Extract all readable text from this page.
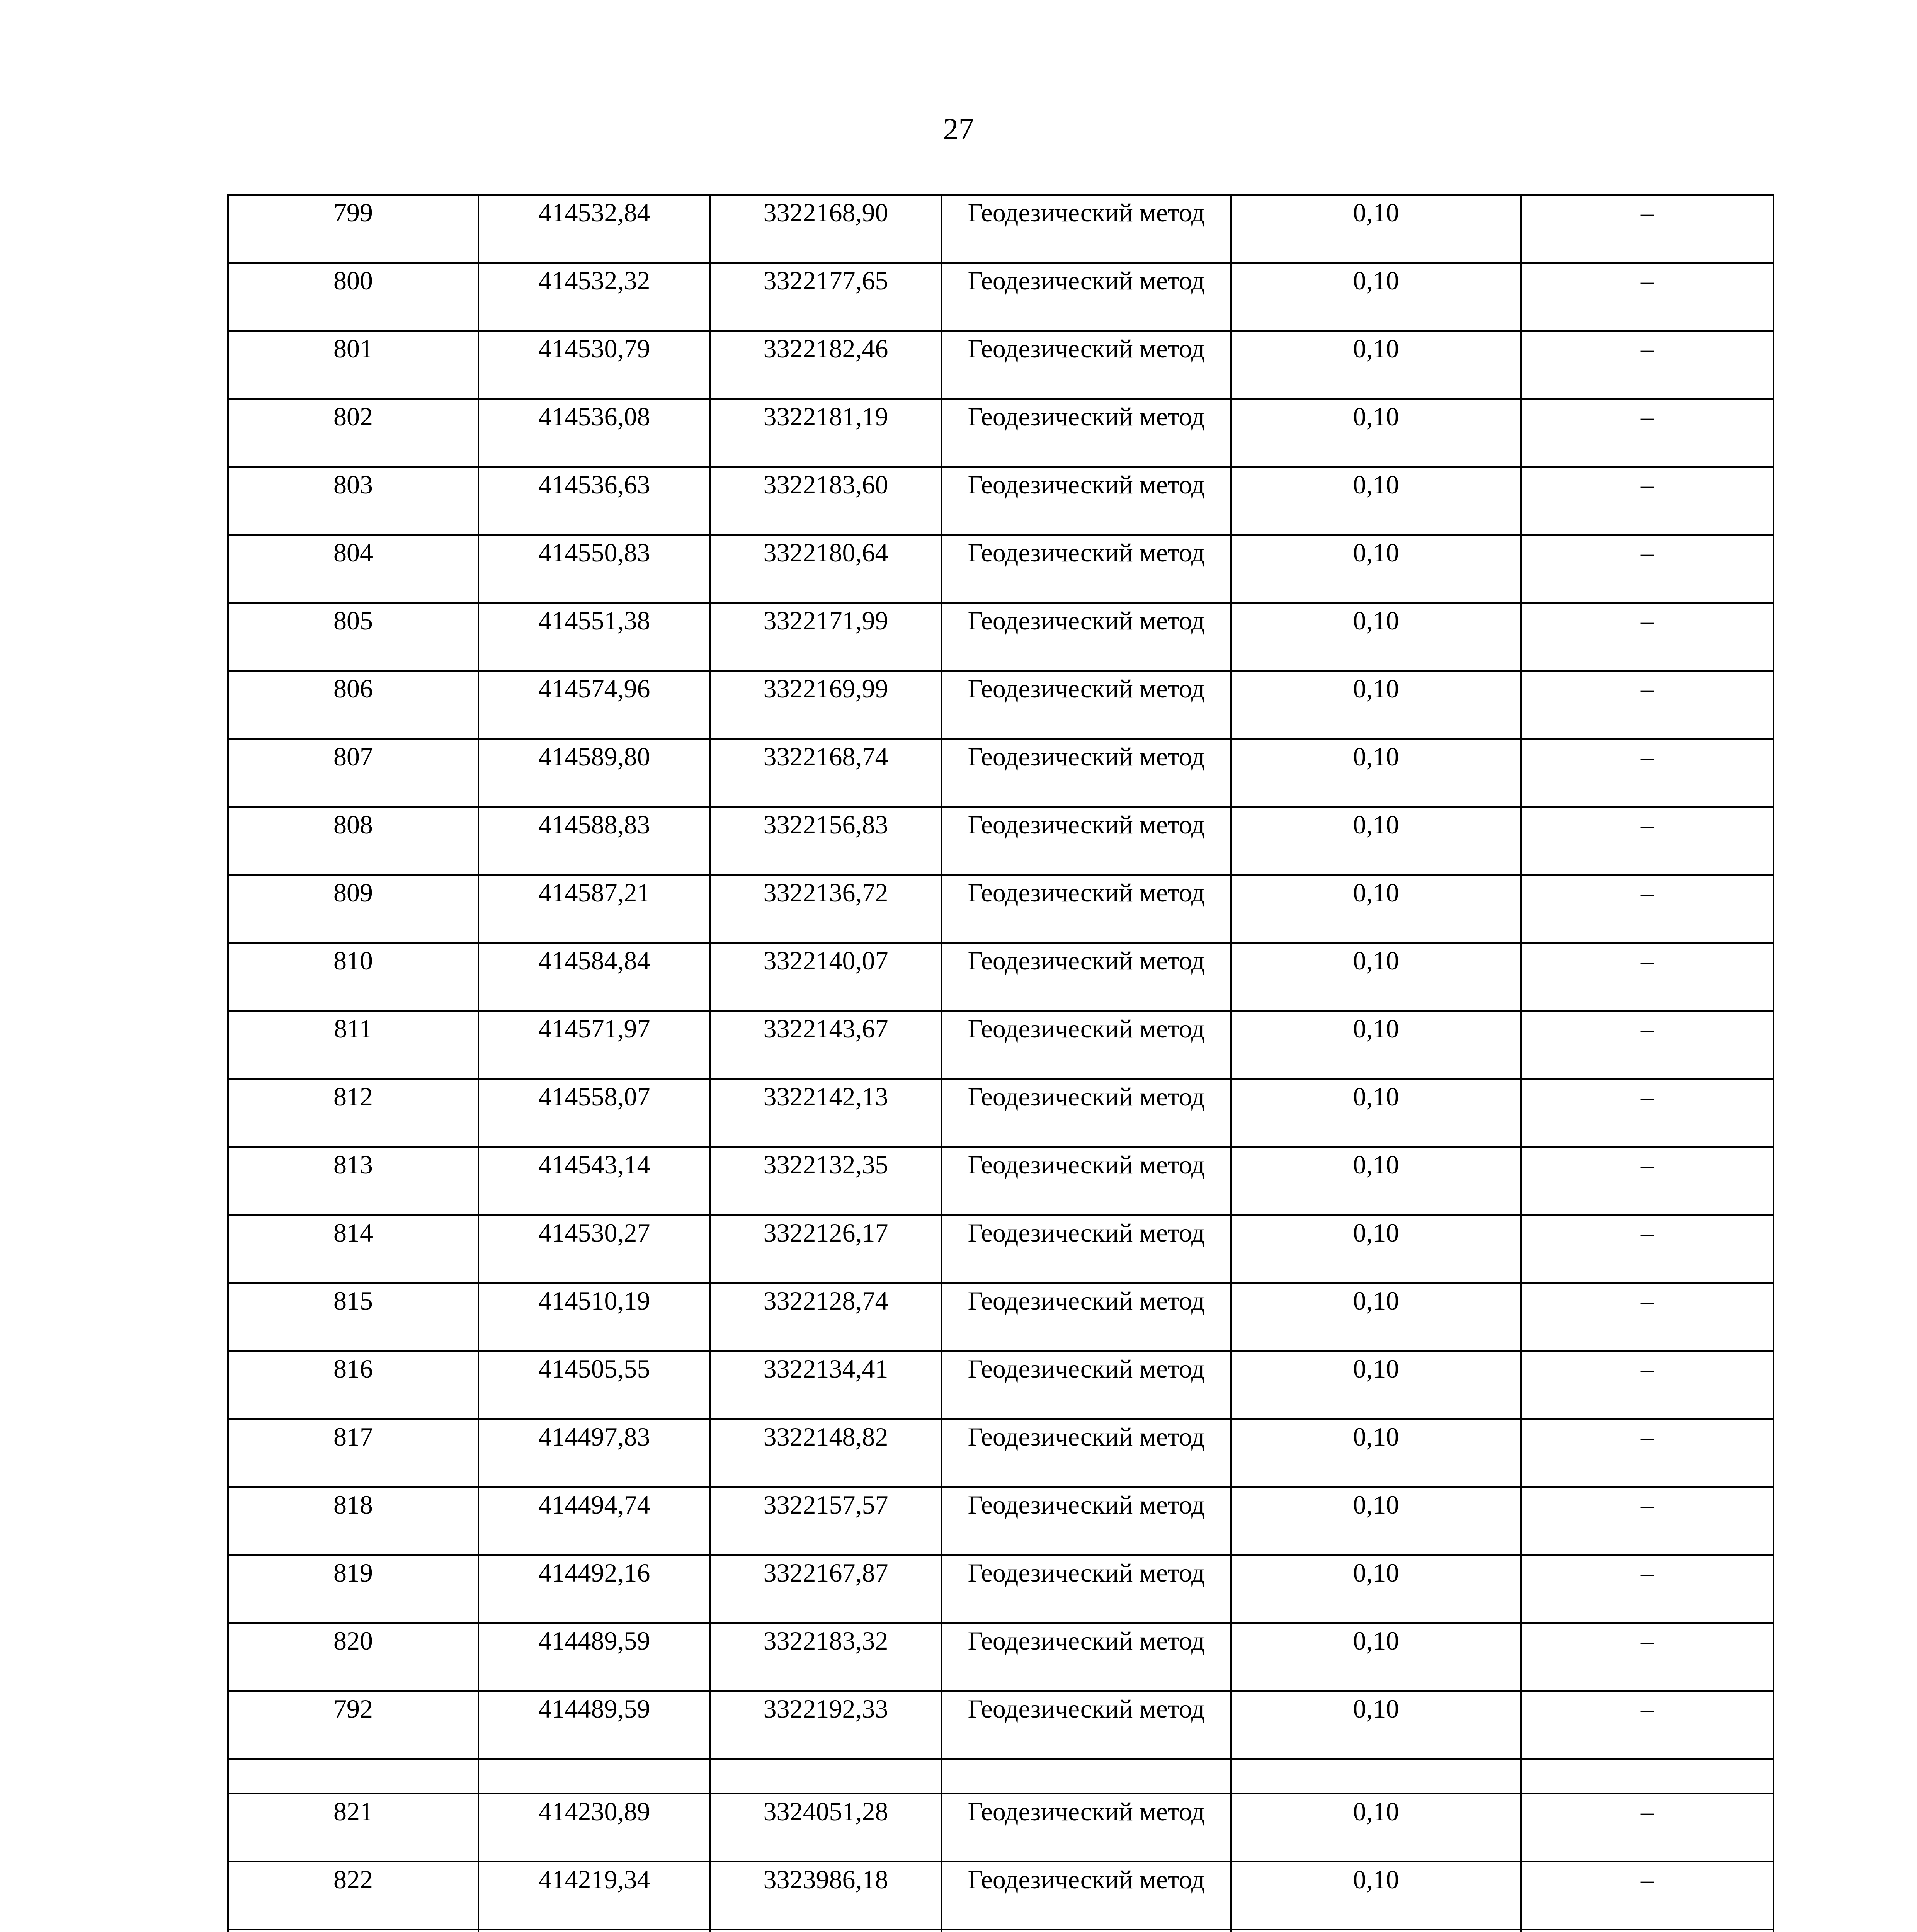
27
799	414532,84	3322168,90	Геодезический метод	0,10	–
800	414532,32	3322177,65	Геодезический метод	0,10	–
801	414530,79	3322182,46	Геодезический метод	0,10	–
802	414536,08	3322181,19	Геодезический метод	0,10	–
803	414536,63	3322183,60	Геодезический метод	0,10	–
804	414550,83	3322180,64	Геодезический метод	0,10	–
805	414551,38	3322171,99	Геодезический метод	0,10	–
806	414574,96	3322169,99	Геодезический метод	0,10	–
807	414589,80	3322168,74	Геодезический метод	0,10	–
808	414588,83	3322156,83	Геодезический метод	0,10	–
809	414587,21	3322136,72	Геодезический метод	0,10	–
810	414584,84	3322140,07	Геодезический метод	0,10	–
811	414571,97	3322143,67	Геодезический метод	0,10	–
812	414558,07	3322142,13	Геодезический метод	0,10	–
813	414543,14	3322132,35	Геодезический метод	0,10	–
814	414530,27	3322126,17	Геодезический метод	0,10	–
815	414510,19	3322128,74	Геодезический метод	0,10	–
816	414505,55	3322134,41	Геодезический метод	0,10	–
817	414497,83	3322148,82	Геодезический метод	0,10	–
818	414494,74	3322157,57	Геодезический метод	0,10	–
819	414492,16	3322167,87	Геодезический метод	0,10	–
820	414489,59	3322183,32	Геодезический метод	0,10	–
792	414489,59	3322192,33	Геодезический метод	0,10	–

821	414230,89	3324051,28	Геодезический метод	0,10	–
822	414219,34	3323986,18	Геодезический метод	0,10	–
